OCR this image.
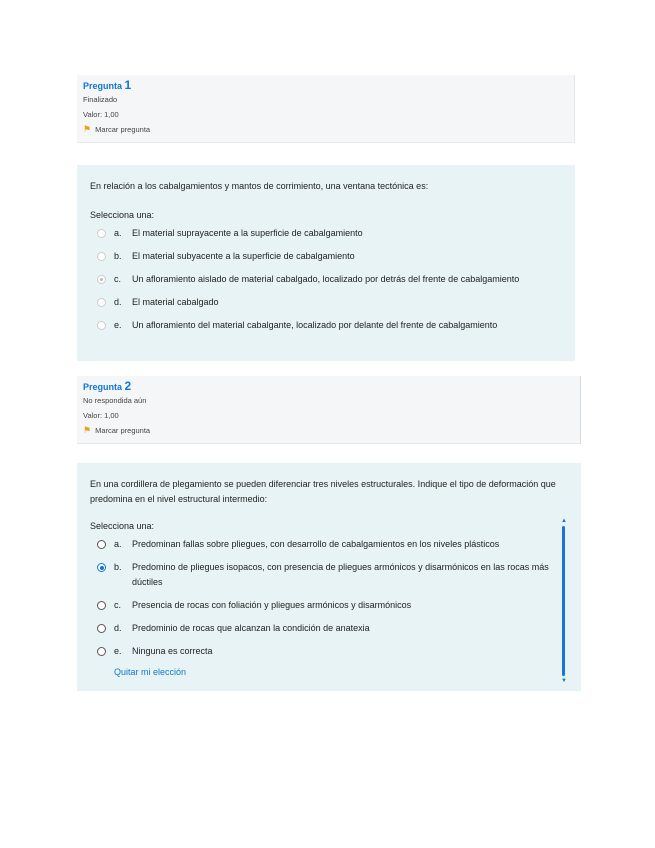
Pregunta 1
Finalizado
Valor: 1,00
⚑ Marcar pregunta

En relación a los cabalgamientos y mantos de corrimiento, una ventana tectónica es:

Selecciona una:

a.	El material suprayacente a la superficie de cabalgamiento
b.	El material subyacente a la superficie de cabalgamiento
c.	Un afloramiento aislado de material cabalgado, localizado por detrás del frente de cabalgamiento
d.	El material cabalgado
e.	Un afloramiento del material cabalgante, localizado por delante del frente de cabalgamiento
Pregunta 2
No respondida aún
Valor: 1,00
⚑ Marcar pregunta

En una cordillera de plegamiento se pueden diferenciar tres niveles estructurales. Indique el tipo de deformación que predomina en el nivel estructural intermedio:

Selecciona una:

a.	Predominan fallas sobre pliegues, con desarrollo de cabalgamientos en los niveles plásticos
b.	Predomino de pliegues isopacos, con presencia de pliegues armónicos y disarmónicos en las rocas más dúctiles
c.	Presencia de rocas con foliación y pliegues armónicos y disarmónicos
d.	Predominio de rocas que alcanzan la condición de anatexia
e.	Ninguna es correcta
Quitar mi elección
▲
▼
